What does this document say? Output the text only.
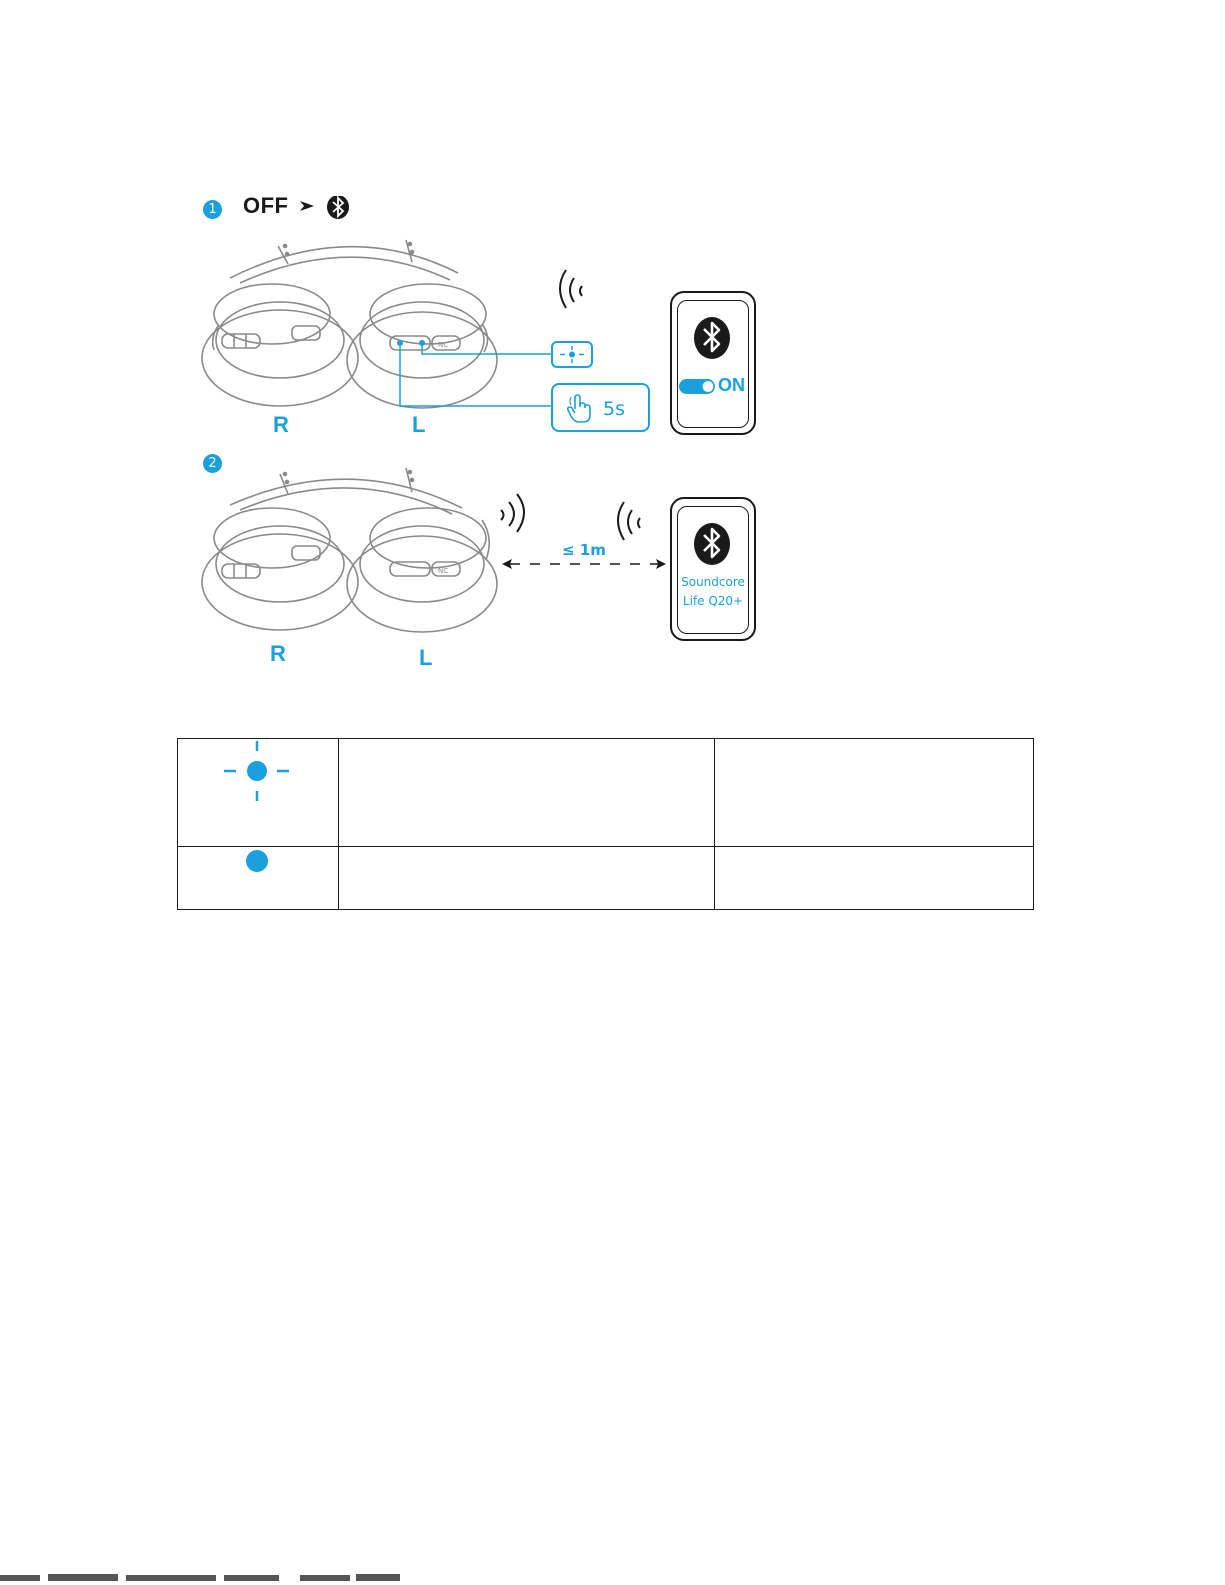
1 OFF
NC
R	L
5s
ON
2
NC
R	L
≤ 1m
Soundcore
Life Q20+
